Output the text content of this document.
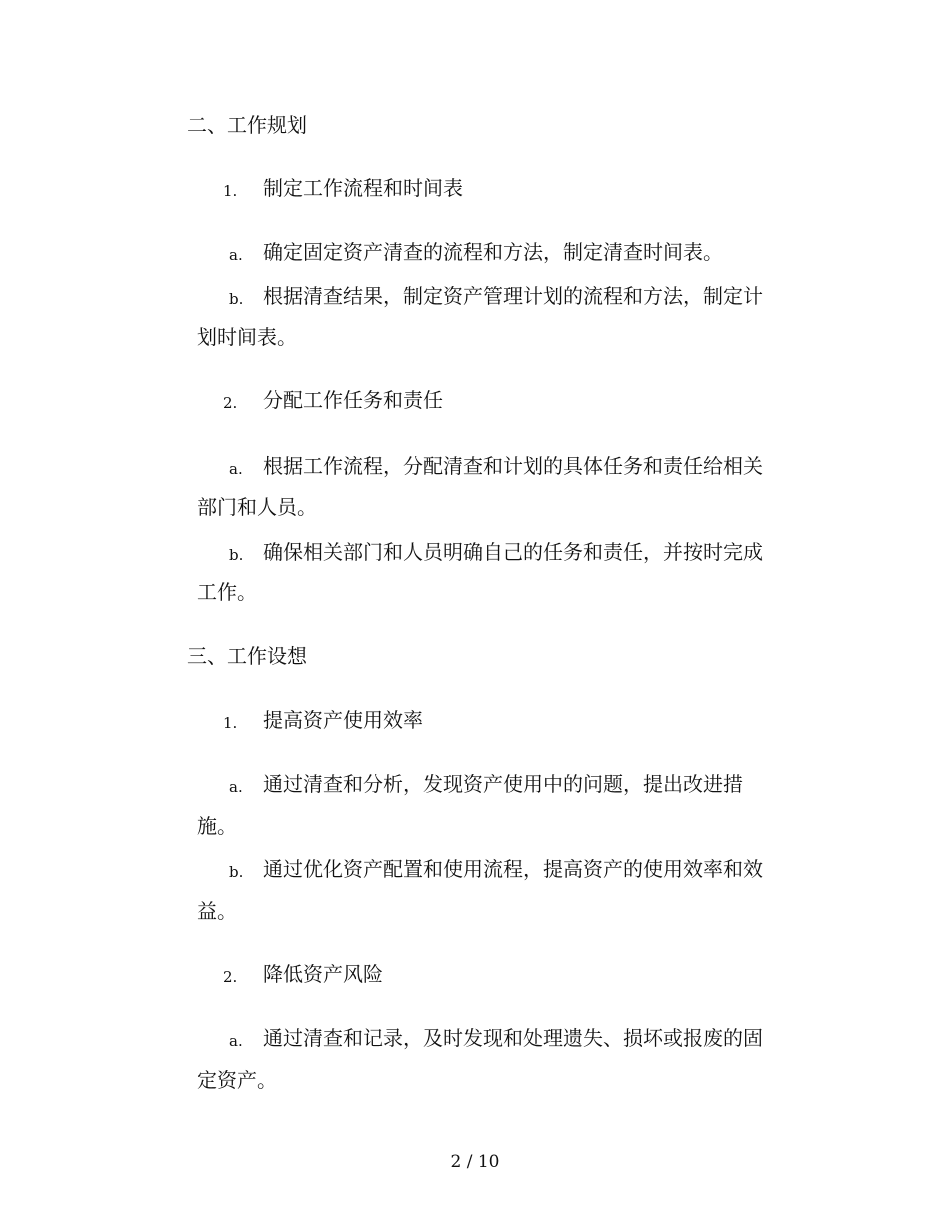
二、工作规划
1. 制定工作流程和时间表
a. 确定固定资产清查的流程和方法，制定清查时间表。
b. 根据清查结果，制定资产管理计划的流程和方法，制定计
划时间表。
2. 分配工作任务和责任
a. 根据工作流程，分配清查和计划的具体任务和责任给相关
部门和人员。
b. 确保相关部门和人员明确自己的任务和责任，并按时完成
工作。
三、工作设想
1. 提高资产使用效率
a. 通过清查和分析，发现资产使用中的问题，提出改进措
施。
b. 通过优化资产配置和使用流程，提高资产的使用效率和效
益。
2. 降低资产风险
a. 通过清查和记录，及时发现和处理遗失、损坏或报废的固
定资产。
2 / 10
